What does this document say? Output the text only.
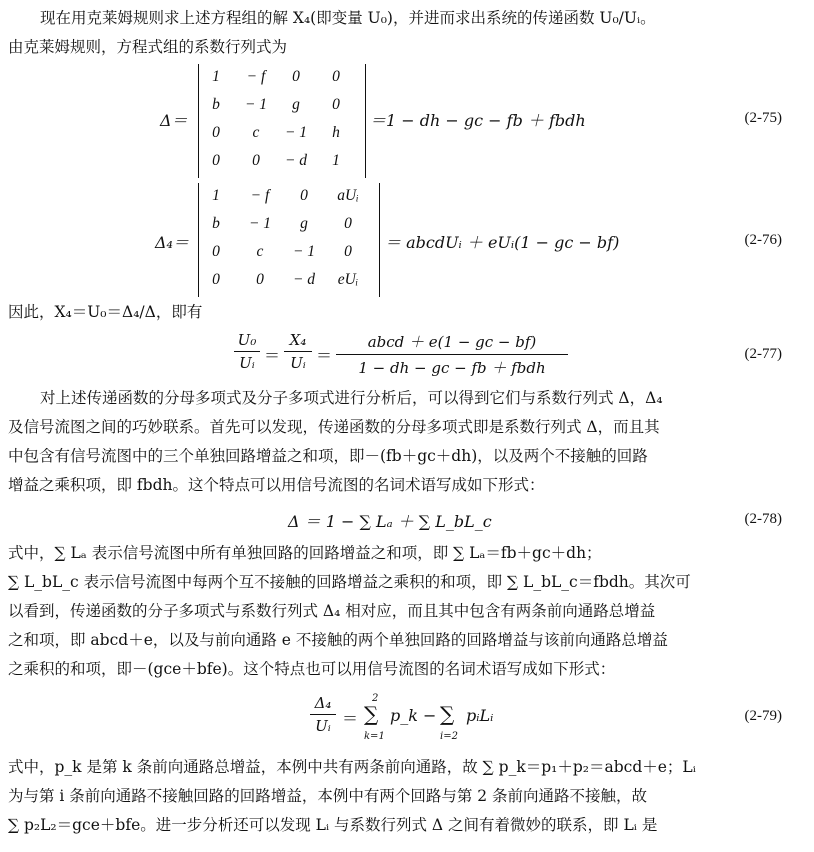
现在用克莱姆规则求上述方程组的解 X₄(即变量 U₀)，并进而求出系统的传递函数 U₀/Uᵢ。
由克莱姆规则，方程式组的系数行列式为
Δ＝
1	− f	0	0
b	− 1	g	0
0	c	− 1	h
0	0	− d	1
＝1 − dh − gc − fb ＋ fbdh	(2-75)
Δ₄＝
1	− f	0	aUᵢ
b	− 1	g	0
0	c	− 1	0
0	0	− d	eUᵢ
＝ abcdUᵢ ＋ eUᵢ(1 − gc − bf)	(2-76)
因此，X₄＝U₀＝Δ₄/Δ，即有
U₀
Uᵢ ＝
X₄
Uᵢ ＝
abcd ＋ e(1 − gc − bf)
1 − dh − gc − fb ＋ fbdh
(2-77)
对上述传递函数的分母多项式及分子多项式进行分析后，可以得到它们与系数行列式 Δ，Δ₄
及信号流图之间的巧妙联系。首先可以发现，传递函数的分母多项式即是系数行列式 Δ，而且其
中包含有信号流图中的三个单独回路增益之和项，即－(fb＋gc＋dh)，以及两个不接触的回路
增益之乘积项，即 fbdh。这个特点可以用信号流图的名词术语写成如下形式：
Δ ＝ 1 − ∑ Lₐ ＋ ∑ L_bL_c	(2-78)
式中，∑ Lₐ 表示信号流图中所有单独回路的回路增益之和项，即 ∑ Lₐ＝fb＋gc＋dh；
∑ L_bL_c 表示信号流图中每两个互不接触的回路增益之乘积的和项，即 ∑ L_bL_c＝fbdh。其次可
以看到，传递函数的分子多项式与系数行列式 Δ₄ 相对应，而且其中包含有两条前向通路总增益
之和项，即 abcd＋e，以及与前向通路 e 不接触的两个单独回路的回路增益与该前向通路总增益
之乘积的和项，即－(gce＋bfe)。这个特点也可以用信号流图的名词术语写成如下形式：
Δ₄
Uᵢ ＝
2
∑
k=1
p_k − ∑
i=2
pᵢLᵢ	(2-79)
式中，p_k 是第 k 条前向通路总增益，本例中共有两条前向通路，故 ∑ p_k＝p₁＋p₂＝abcd＋e；Lᵢ
为与第 i 条前向通路不接触回路的回路增益，本例中有两个回路与第 2 条前向通路不接触，故
∑ p₂L₂＝gce＋bfe。进一步分析还可以发现 Lᵢ 与系数行列式 Δ 之间有着微妙的联系，即 Lᵢ 是
